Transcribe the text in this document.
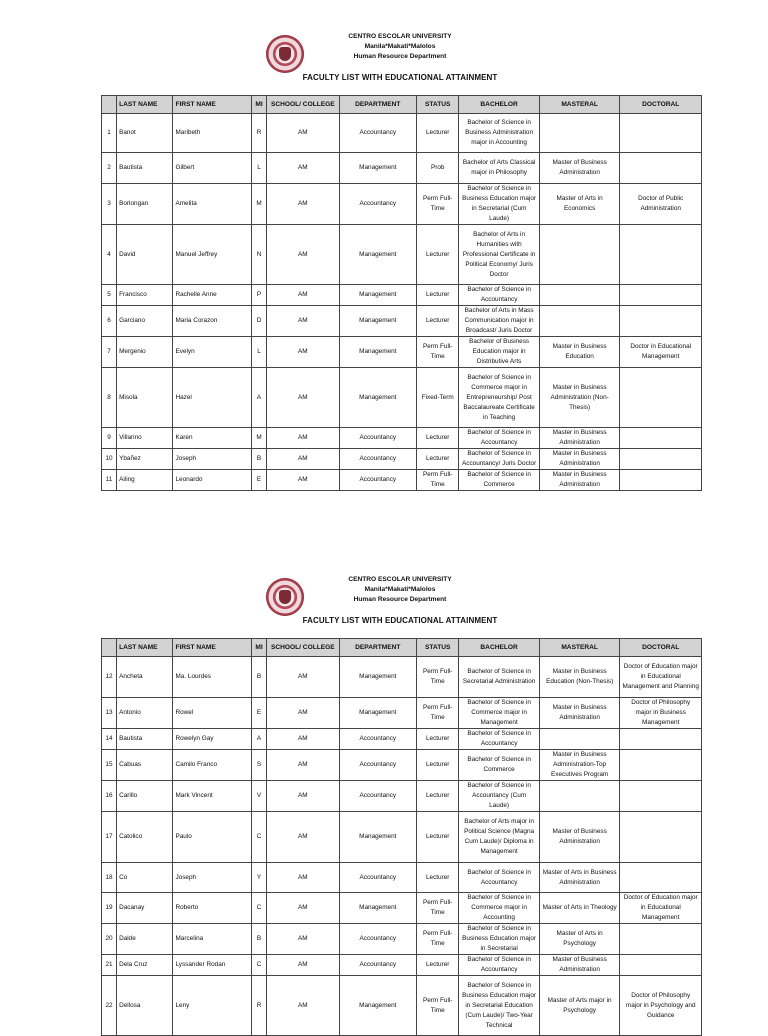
CENTRO ESCOLAR UNIVERSITY
Manila*Makati*Malolos
Human Resource Department
FACULTY LIST WITH EDUCATIONAL ATTAINMENT
	LAST NAME	FIRST NAME	MI	SCHOOL/ COLLEGE	DEPARTMENT	STATUS	BACHELOR	MASTERAL	DOCTORAL
1	Banot	Maribeth	R	AM	Accountancy	Lecturer	Bachelor of Science in Business Administration major in Accounting		
2	Bautista	Gilbert	L	AM	Management	Prob	Bachelor of Arts Classical major in Philosophy	Master of Business Administration	
3	Borlongan	Amelita	M	AM	Accountancy	Perm Full-Time	Bachelor of Science in Business Education major in Secretarial (Cum Laude)	Master of Arts in Economics	Doctor of Public Administration
4	David	Manuel Jeffrey	N	AM	Management	Lecturer	Bachelor of Arts in Humanities with Professional Certificate in Political Economy/ Juris Doctor		
5	Francisco	Rachelle Anne	P	AM	Management	Lecturer	Bachelor of Science in Accountancy		
6	Garciano	Maria Corazon	D	AM	Management	Lecturer	Bachelor of Arts in Mass Communication major in Broadcast/ Juris Doctor		
7	Mergenio	Evelyn	L	AM	Management	Perm Full-Time	Bachelor of Business Education major in Distributive Arts	Master in Business Education	Doctor in Educational Management
8	Misola	Hazel	A	AM	Management	Fixed-Term	Bachelor of Science in Commerce major in Entrepreneurship/ Post Baccalaureate Certificate in Teaching	Master in Business Administration (Non-Thesis)	
9	Villarino	Karen	M	AM	Accountancy	Lecturer	Bachelor of Science in Accountancy	Master in Business Administration	
10	Ybañez	Joseph	B	AM	Accountancy	Lecturer	Bachelor of Science in Accountancy/ Juris Doctor	Master in Business Administration	
11	Ailing	Leonardo	E	AM	Accountancy	Perm Full-Time	Bachelor of Science in Commerce	Master in Business Administration	
CENTRO ESCOLAR UNIVERSITY
Manila*Makati*Malolos
Human Resource Department
FACULTY LIST WITH EDUCATIONAL ATTAINMENT
	LAST NAME	FIRST NAME	MI	SCHOOL/ COLLEGE	DEPARTMENT	STATUS	BACHELOR	MASTERAL	DOCTORAL
12	Ancheta	Ma. Lourdes	B	AM	Management	Perm Full-Time	Bachelor of Science in Secretarial Administration	Master in Business Education (Non-Thesis)	Doctor of Education major in Educational Management and Planning
13	Antonio	Rowel	E	AM	Management	Perm Full-Time	Bachelor of Science in Commerce major in Management	Master in Business Administration	Doctor of Philosophy major in Business Management
14	Bautista	Rowelyn Gay	A	AM	Accountancy	Lecturer	Bachelor of Science in Accountancy		
15	Cabuas	Camilo Franco	S	AM	Accountancy	Lecturer	Bachelor of Science in Commerce	Master in Business Administration-Top Executives Program	
16	Carillo	Mark Vincent	V	AM	Accountancy	Lecturer	Bachelor of Science in Accountancy (Cum Laude)		
17	Catolico	Paulo	C	AM	Management	Lecturer	Bachelor of Arts major in Political Science (Magna Cum Laude)/ Diploma in Management	Master of Business Administration	
18	Co	Joseph	Y	AM	Accountancy	Lecturer	Bachelor of Science in Accountancy	Master of Arts in Business Administration	
19	Dacanay	Roberto	C	AM	Management	Perm Full-Time	Bachelor of Science in Commerce major in Accounting	Master of Arts in Theology	Doctor of Education major in Educational Management
20	Dalde	Marcelina	B	AM	Accountancy	Perm Full-Time	Bachelor of Science in Business Education major in Secretarial	Master of Arts in Psychology	
21	Dela Cruz	Lyssander Rodan	C	AM	Accountancy	Lecturer	Bachelor of Science in Accountancy	Master of Business Administration	
22	Dellosa	Leny	R	AM	Management	Perm Full-Time	Bachelor of Science in Business Education major in Secretarial Education (Cum Laude)/ Two-Year Technical	Master of Arts major in Psychology	Doctor of Philosophy major in Psychology and Guidance
